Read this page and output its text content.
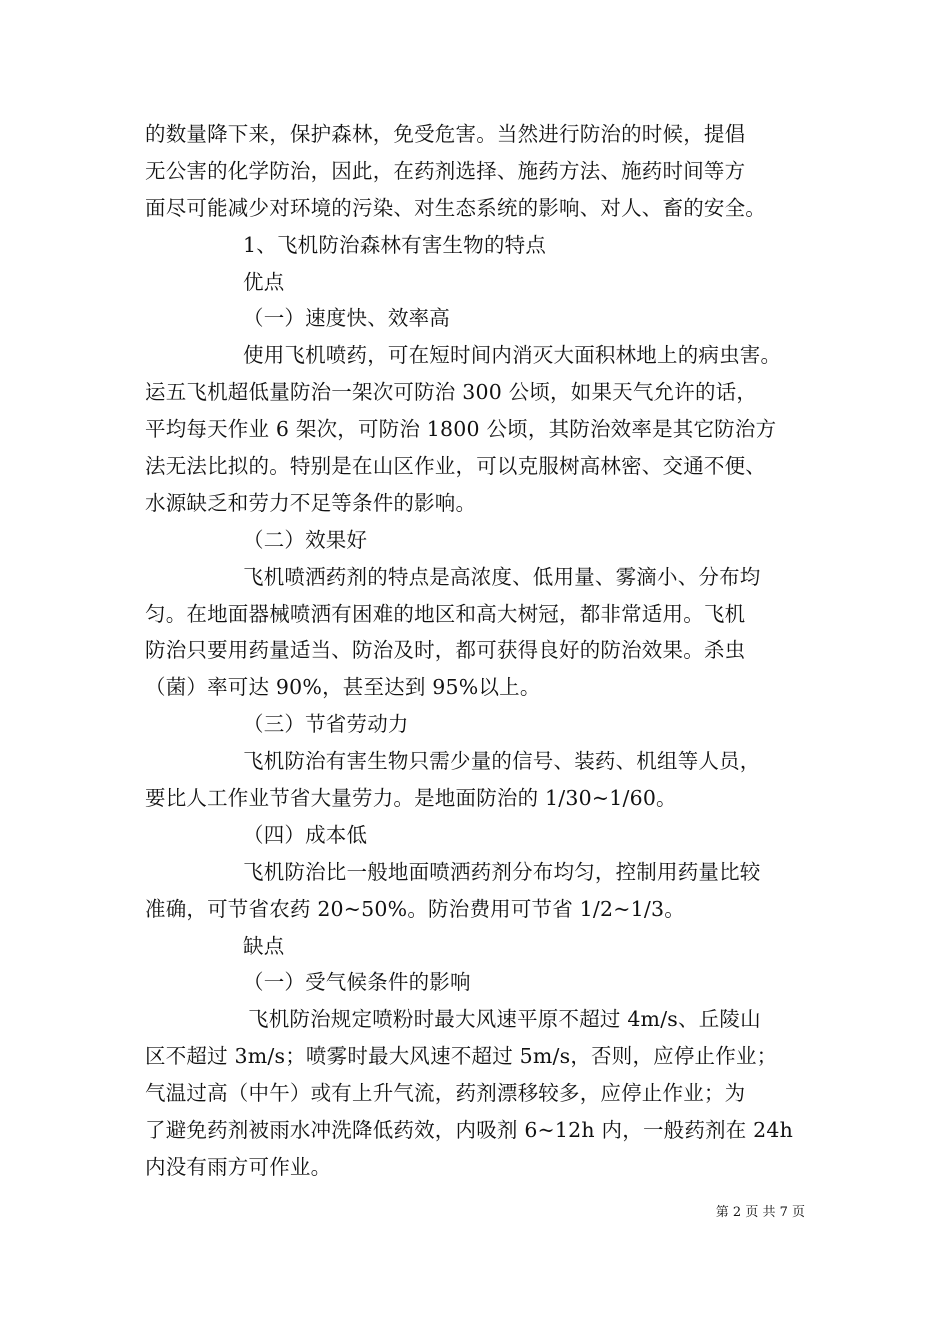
的数量降下来，保护森林，免受危害。当然进行防治的时候，提倡
无公害的化学防治，因此，在药剂选择、施药方法、施药时间等方
面尽可能减少对环境的污染、对生态系统的影响、对人、畜的安全。
1、飞机防治森林有害生物的特点
优点
（一）速度快、效率高
使用飞机喷药，可在短时间内消灭大面积林地上的病虫害。
运五飞机超低量防治一架次可防治 300 公顷，如果天气允许的话，
平均每天作业 6 架次，可防治 1800 公顷，其防治效率是其它防治方
法无法比拟的。特别是在山区作业，可以克服树高林密、交通不便、
水源缺乏和劳力不足等条件的影响。
（二）效果好
飞机喷洒药剂的特点是高浓度、低用量、雾滴小、分布均
匀。在地面器械喷洒有困难的地区和高大树冠，都非常适用。飞机
防治只要用药量适当、防治及时，都可获得良好的防治效果。杀虫
（菌）率可达 90%，甚至达到 95%以上。
（三）节省劳动力
飞机防治有害生物只需少量的信号、装药、机组等人员，
要比人工作业节省大量劳力。是地面防治的 1/30~1/60。
（四）成本低
飞机防治比一般地面喷洒药剂分布均匀，控制用药量比较
准确，可节省农药 20~50%。防治费用可节省 1/2~1/3。
缺点
（一）受气候条件的影响
飞机防治规定喷粉时最大风速平原不超过 4m/s、丘陵山
区不超过 3m/s；喷雾时最大风速不超过 5m/s，否则，应停止作业；
气温过高（中午）或有上升气流，药剂漂移较多，应停止作业；为
了避免药剂被雨水冲洗降低药效，内吸剂 6~12h 内，一般药剂在 24h
内没有雨方可作业。
第 2 页 共 7 页
